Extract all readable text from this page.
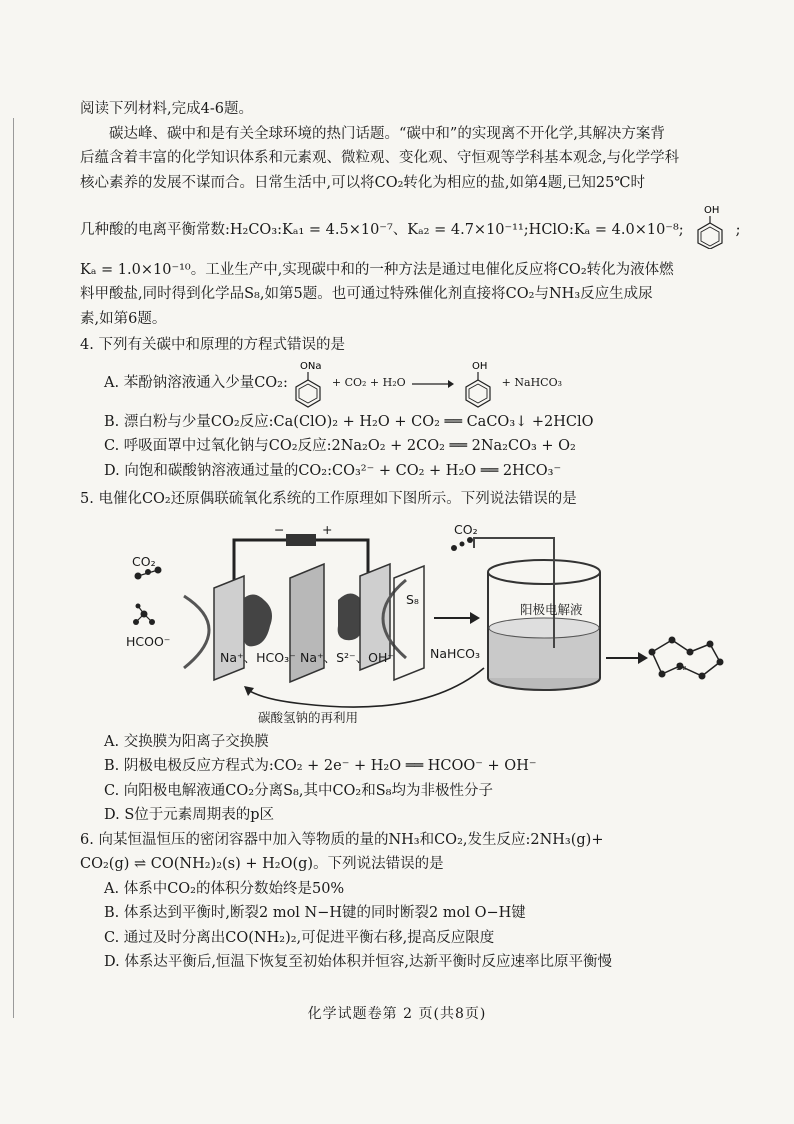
阅读下列材料,完成4-6题。

碳达峰、碳中和是有关全球环境的热门话题。“碳中和”的实现离不开化学,其解决方案背

后蕴含着丰富的化学知识体系和元素观、微粒观、变化观、守恒观等学科基本观念,与化学学科

核心素养的发展不谋而合。日常生活中,可以将CO₂转化为相应的盐,如第4题,已知25℃时

几种酸的电离平衡常数:H₂CO₃:Kₐ₁ = 4.5×10⁻⁷、Kₐ₂ = 4.7×10⁻¹¹;HClO:Kₐ = 4.0×10⁻⁸;
OH
;

Kₐ = 1.0×10⁻¹⁰。工业生产中,实现碳中和的一种方法是通过电催化反应将CO₂转化为液体燃

料甲酸盐,同时得到化学品S₈,如第5题。也可通过特殊催化剂直接将CO₂与NH₃反应生成尿

素,如第6题。

4. 下列有关碳中和原理的方程式错误的是

A. 苯酚钠溶液通入少量CO₂:
ONa
+ CO₂ + H₂O →
OH
+ NaHCO₃

B. 漂白粉与少量CO₂反应:Ca(ClO)₂ + H₂O + CO₂ ══ CaCO₃↓ +2HClO

C. 呼吸面罩中过氧化钠与CO₂反应:2Na₂O₂ + 2CO₂ ══ 2Na₂CO₃ + O₂

D. 向饱和碳酸钠溶液通过量的CO₂:CO₃²⁻ + CO₂ + H₂O ══ 2HCO₃⁻

5. 电催化CO₂还原偶联硫氧化系统的工作原理如下图所示。下列说法错误的是

−	+
CO₂
HCOO⁻
Na⁺、HCO₃⁻ Na⁺、S²⁻、OH⁻
S₈
NaHCO₃
CO₂
阳极电解液
S₈
碳酸氢钠的再利用

A. 交换膜为阳离子交换膜

B. 阴极电极反应方程式为:CO₂ + 2e⁻ + H₂O ══ HCOO⁻ + OH⁻

C. 向阳极电解液通CO₂分离S₈,其中CO₂和S₈均为非极性分子

D. S位于元素周期表的p区

6. 向某恒温恒压的密闭容器中加入等物质的量的NH₃和CO₂,发生反应:2NH₃(g)+

CO₂(g) ⇌ CO(NH₂)₂(s) + H₂O(g)。下列说法错误的是

A. 体系中CO₂的体积分数始终是50%

B. 体系达到平衡时,断裂2 mol N−H键的同时断裂2 mol O−H键

C. 通过及时分离出CO(NH₂)₂,可促进平衡右移,提高反应限度

D. 体系达平衡后,恒温下恢复至初始体积并恒容,达新平衡时反应速率比原平衡慢

化学试题卷第 2 页(共8页)
